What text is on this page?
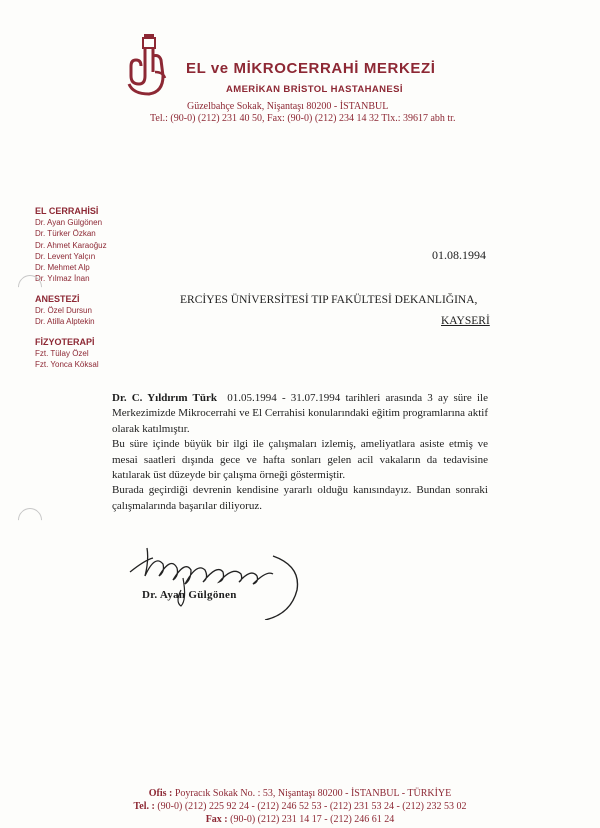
EL ve MİKROCERRAHİ MERKEZİ
AMERİKAN BRİSTOL HASTAHANESİ
Güzelbahçe Sokak, Nişantaşı 80200 - İSTANBUL
Tel.: (90-0) (212) 231 40 50, Fax: (90-0) (212) 234 14 32 Tlx.: 39617 abh tr.
EL CERRAHİSİ
Dr. Ayan Gülgönen
Dr. Türker Özkan
Dr. Ahmet Karaoğuz
Dr. Levent Yalçın
Dr. Mehmet Alp
Dr. Yılmaz İnan
ANESTEZİ
Dr. Özel Dursun
Dr. Atilla Alptekin
FİZYOTERAPİ
Fzt. Tülay Özel
Fzt. Yonca Köksal
01.08.1994
ERCİYES ÜNİVERSİTESİ TIP FAKÜLTESİ DEKANLIĞINA,
KAYSERİ

Dr. C. Yıldırım Türk 01.05.1994 - 31.07.1994 tarihleri arasında 3 ay süre ile Merkezimizde Mikrocerrahi ve El Cerrahisi konularındaki eğitim programlarına aktif olarak katılmıştır.

Bu süre içinde büyük bir ilgi ile çalışmaları izlemiş, ameliyatlara asiste etmiş ve mesai saatleri dışında gece ve hafta sonları gelen acil vakaların da tedavisine katılarak üst düzeyde bir çalışma örneği göstermiştir.

Burada geçirdiği devrenin kendisine yararlı olduğu kanısındayız. Bundan sonraki çalışmalarında başarılar diliyoruz.

Dr. Ayan Gülgönen
Ofis : Poyracık Sokak No. : 53, Nişantaşı 80200 - İSTANBUL - TÜRKİYE
Tel. : (90-0) (212) 225 92 24 - (212) 246 52 53 - (212) 231 53 24 - (212) 232 53 02
Fax : (90-0) (212) 231 14 17 - (212) 246 61 24
